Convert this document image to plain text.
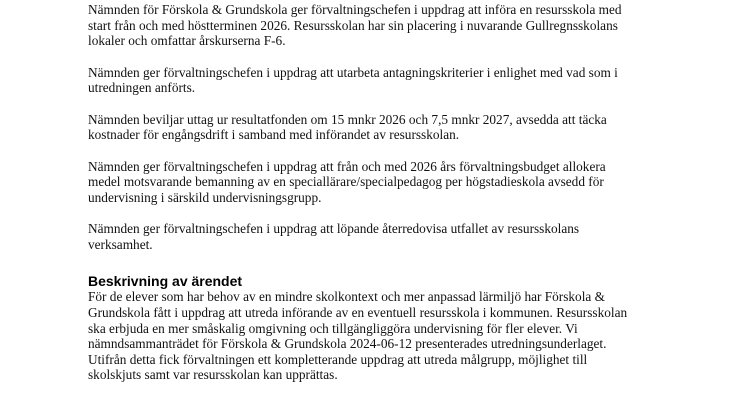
Nämnden för Förskola & Grundskola ger förvaltningschefen i uppdrag att införa en resursskola med
start från och med höstterminen 2026. Resursskolan har sin placering i nuvarande Gullregnsskolans
lokaler och omfattar årskurserna F-6.
Nämnden ger förvaltningschefen i uppdrag att utarbeta antagningskriterier i enlighet med vad som i
utredningen anförts.
Nämnden beviljar uttag ur resultatfonden om 15 mnkr 2026 och 7,5 mnkr 2027, avsedda att täcka
kostnader för engångsdrift i samband med införandet av resursskolan.
Nämnden ger förvaltningschefen i uppdrag att från och med 2026 års förvaltningsbudget allokera
medel motsvarande bemanning av en speciallärare/specialpedagog per högstadieskola avsedd för
undervisning i särskild undervisningsgrupp.
Nämnden ger förvaltningschefen i uppdrag att löpande återredovisa utfallet av resursskolans
verksamhet.
Beskrivning av ärendet
För de elever som har behov av en mindre skolkontext och mer anpassad lärmiljö har Förskola &
Grundskola fått i uppdrag att utreda införande av en eventuell resursskola i kommunen. Resursskolan
ska erbjuda en mer småskalig omgivning och tillgängliggöra undervisning för fler elever. Vi
nämndsammanträdet för Förskola & Grundskola 2024-06-12 presenterades utredningsunderlaget.
Utifrån detta fick förvaltningen ett kompletterande uppdrag att utreda målgrupp, möjlighet till
skolskjuts samt var resursskolan kan upprättas.
